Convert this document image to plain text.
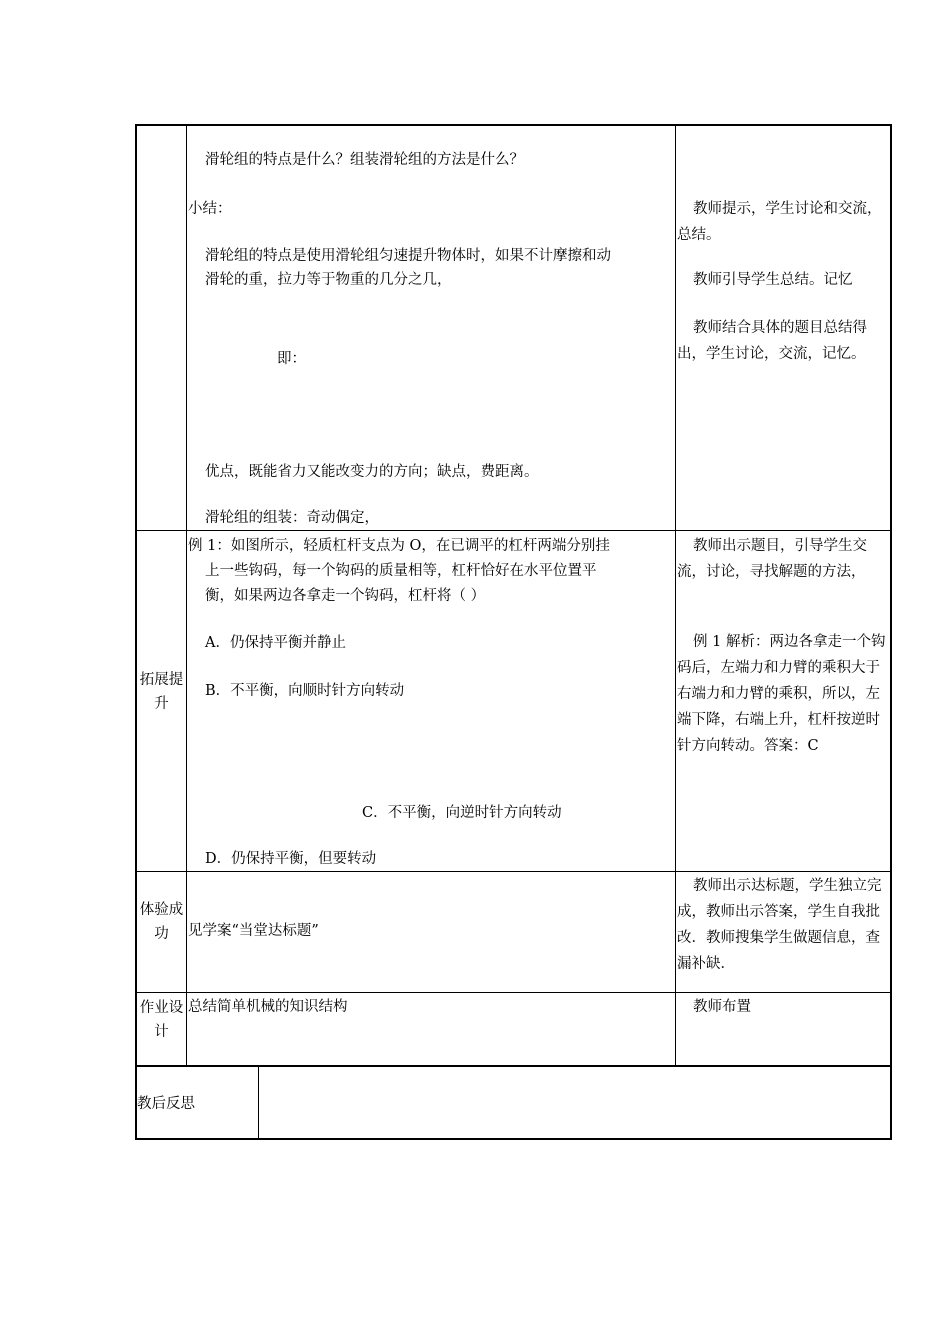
滑轮组的特点是什么？组装滑轮组的方法是什么？
小结：
滑轮组的特点是使用滑轮组匀速提升物体时，如果不计摩擦和动
滑轮的重，拉力等于物重的几分之几，
即：
优点，既能省力又能改变力的方向；缺点，费距离。
滑轮组的组装：奇动偶定，
教师提示，学生讨论和交流，总结。
教师引导学生总结。记忆
教师结合具体的题目总结得出，学生讨论，交流，记忆。
拓展提升
例 1：如图所示，轻质杠杆支点为 O，在已调平的杠杆两端分别挂
上一些钩码，每一个钩码的质量相等，杠杆恰好在水平位置平
衡，如果两边各拿走一个钩码，杠杆将（ ）
A．仍保持平衡并静止
B．不平衡，向顺时针方向转动
C．不平衡，向逆时针方向转动
D．仍保持平衡，但要转动
教师出示题目，引导学生交流，讨论，寻找解题的方法，
例 1 解析：两边各拿走一个钩码后，左端力和力臂的乘积大于右端力和力臂的乘积，所以，左端下降，右端上升，杠杆按逆时针方向转动。答案：C
体验成功	见学案“当堂达标题”
教师出示达标题，学生独立完成，教师出示答案，学生自我批改．教师搜集学生做题信息，查漏补缺．
作业设计
总结简单机械的知识结构	教师布置
教后反思
